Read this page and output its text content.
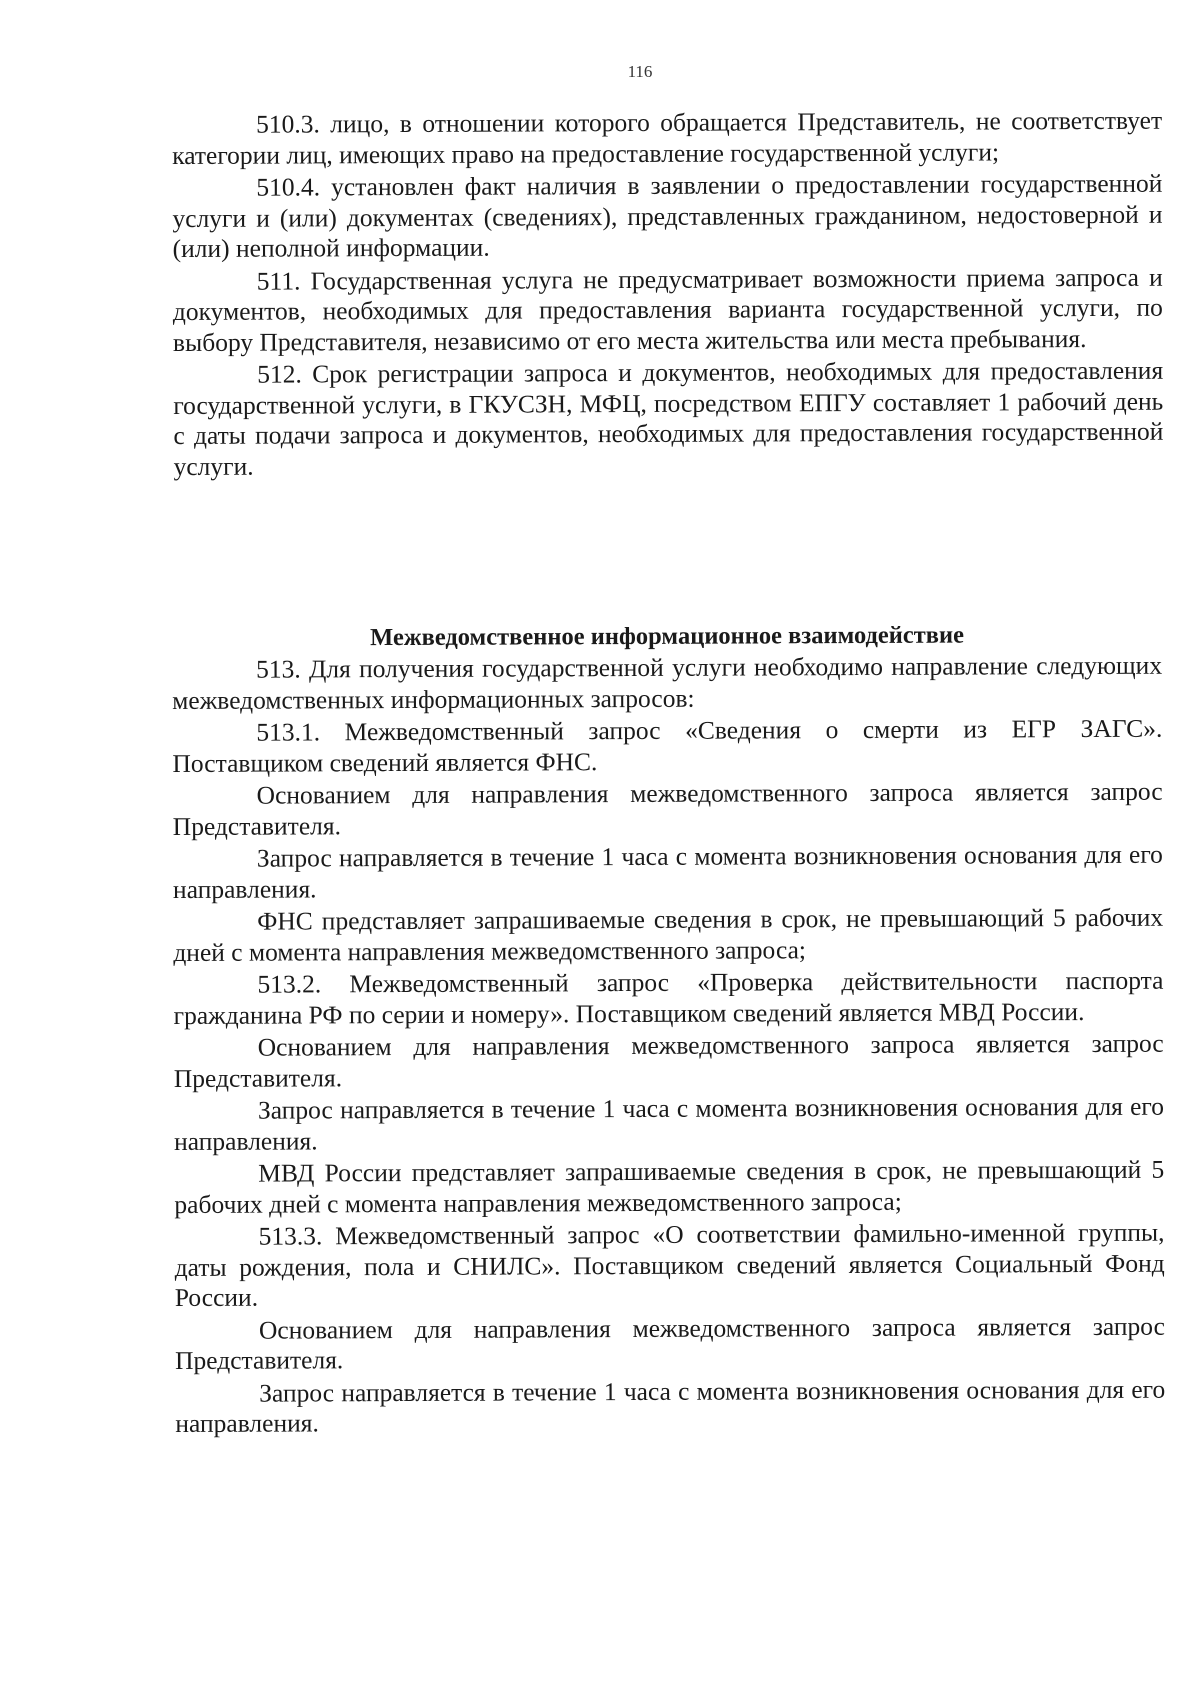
116

510.3. лицо, в отношении которого обращается Представитель, не соответствует категории лиц, имеющих право на предоставление государственной услуги;

510.4. установлен факт наличия в заявлении о предоставлении государственной услуги и (или) документах (сведениях), представленных гражданином, недостоверной и (или) неполной информации.

511. Государственная услуга не предусматривает возможности приема запроса и документов, необходимых для предоставления варианта государственной услуги, по выбору Представителя, независимо от его места жительства или места пребывания.

512. Срок регистрации запроса и документов, необходимых для предоставления государственной услуги, в ГКУСЗН, МФЦ, посредством ЕПГУ составляет 1 рабочий день с даты подачи запроса и документов, необходимых для предоставления государственной услуги.

Межведомственное информационное взаимодействие

513. Для получения государственной услуги необходимо направление следующих межведомственных информационных запросов:

513.1. Межведомственный запрос «Сведения о смерти из ЕГР ЗАГС». Поставщиком сведений является ФНС.

Основанием для направления межведомственного запроса является запрос Представителя.

Запрос направляется в течение 1 часа с момента возникновения основания для его направления.

ФНС представляет запрашиваемые сведения в срок, не превышающий 5 рабочих дней с момента направления межведомственного запроса;

513.2. Межведомственный запрос «Проверка действительности паспорта гражданина РФ по серии и номеру». Поставщиком сведений является МВД России.

Основанием для направления межведомственного запроса является запрос Представителя.

Запрос направляется в течение 1 часа с момента возникновения основания для его направления.

МВД России представляет запрашиваемые сведения в срок, не превышающий 5 рабочих дней с момента направления межведомственного запроса;

513.3. Межведомственный запрос «О соответствии фамильно-именной группы, даты рождения, пола и СНИЛС». Поставщиком сведений является Социальный Фонд России.

Основанием для направления межведомственного запроса является запрос Представителя.

Запрос направляется в течение 1 часа с момента возникновения основания для его направления.
